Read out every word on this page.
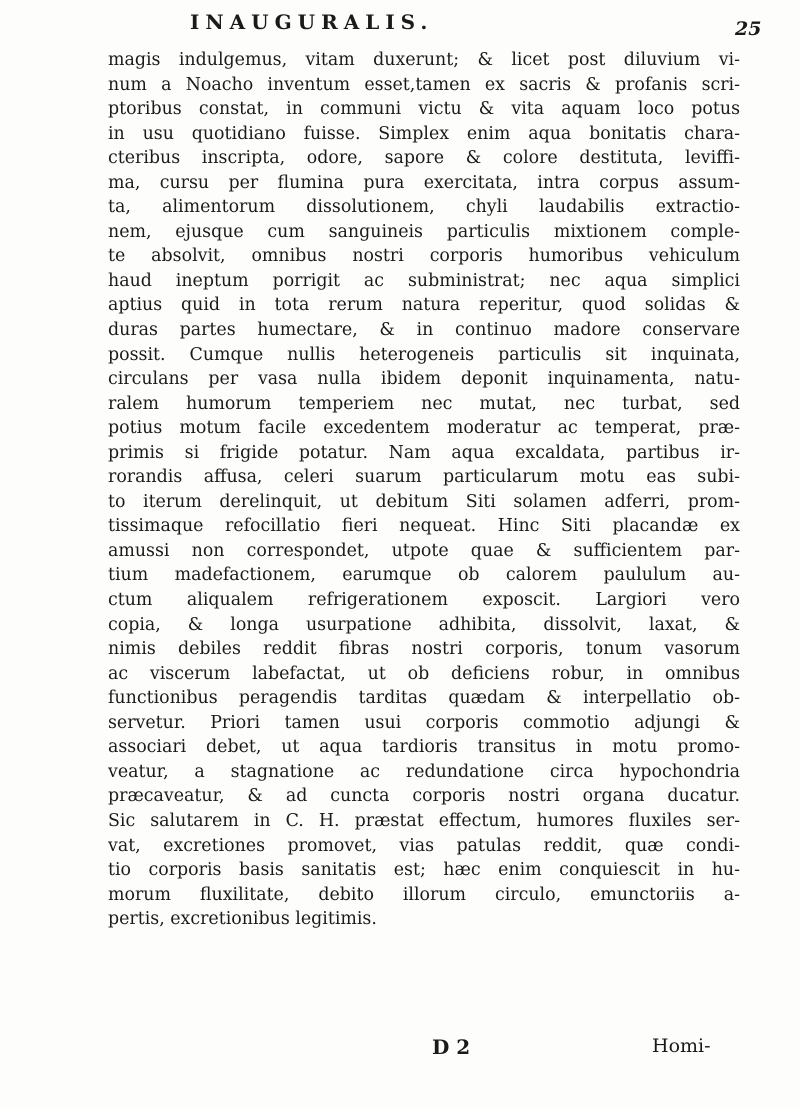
INAUGURALIS.	25
magis indulgemus, vitam duxerunt; & licet post diluvium vi-
num a Noacho inventum esset,tamen ex sacris & profanis scri-
ptoribus constat, in communi victu & vita aquam loco potus
in usu quotidiano fuisse. Simplex enim aqua bonitatis chara-
cteribus inscripta, odore, sapore & colore destituta, leviffi-
ma, cursu per flumina pura exercitata, intra corpus assum-
ta, alimentorum dissolutionem, chyli laudabilis extractio-
nem, ejusque cum sanguineis particulis mixtionem comple-
te absolvit, omnibus nostri corporis humoribus vehiculum
haud ineptum porrigit ac subministrat; nec aqua simplici
aptius quid in tota rerum natura reperitur, quod solidas &
duras partes humectare, & in continuo madore conservare
possit. Cumque nullis heterogeneis particulis sit inquinata,
circulans per vasa nulla ibidem deponit inquinamenta, natu-
ralem humorum temperiem nec mutat, nec turbat, sed
potius motum facile excedentem moderatur ac temperat, præ-
primis si frigide potatur. Nam aqua excaldata, partibus ir-
rorandis affusa, celeri suarum particularum motu eas subi-
to iterum derelinquit, ut debitum Siti solamen adferri, prom-
tissimaque refocillatio fieri nequeat. Hinc Siti placandæ ex
amussi non correspondet, utpote quae & sufficientem par-
tium madefactionem, earumque ob calorem paululum au-
ctum aliqualem refrigerationem exposcit. Largiori vero
copia, & longa usurpatione adhibita, dissolvit, laxat, &
nimis debiles reddit fibras nostri corporis, tonum vasorum
ac viscerum labefactat, ut ob deficiens robur, in omnibus
functionibus peragendis tarditas quædam & interpellatio ob-
servetur. Priori tamen usui corporis commotio adjungi &
associari debet, ut aqua tardioris transitus in motu promo-
veatur, a stagnatione ac redundatione circa hypochondria
præcaveatur, & ad cuncta corporis nostri organa ducatur.
Sic salutarem in C. H. præstat effectum, humores fluxiles ser-
vat, excretiones promovet, vias patulas reddit, quæ condi-
tio corporis basis sanitatis est; hæc enim conquiescit in hu-
morum fluxilitate, debito illorum circulo, emunctoriis a-
pertis, excretionibus legitimis.
D 2	Homi-
